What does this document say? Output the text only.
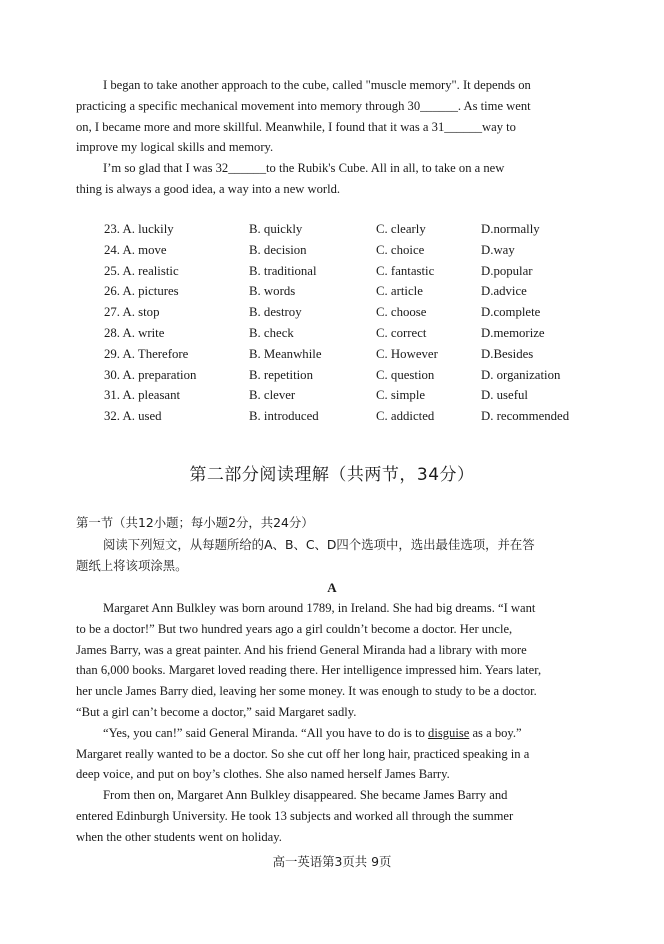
I began to take another approach to the cube, called "muscle memory". It depends on
practicing a specific mechanical movement into memory through 30______. As time went
on, I became more and more skillful. Meanwhile, I found that it was a 31______way to
improve my logical skills and memory.
I’m so glad that I was 32______to the Rubik's Cube. All in all, to take on a new
thing is always a good idea, a way into a new world.
23. A. luckily	B. quickly	C. clearly	D.normally
24. A. move	B. decision	C. choice	D.way
25. A. realistic	B. traditional	C. fantastic	D.popular
26. A. pictures	B. words	C. article	D.advice
27. A. stop	B. destroy	C. choose	D.complete
28. A. write	B. check	C. correct	D.memorize
29. A. Therefore	B. Meanwhile	C. However	D.Besides
30. A. preparation	B. repetition	C. question	D. organization
31. A. pleasant	B. clever	C. simple	D. useful
32. A. used	B. introduced	C. addicted	D. recommended
第二部分阅读理解（共两节，34分）
第一节（共12小题；每小题2分，共24分）
阅读下列短文，从每题所给的A、B、C、D四个选项中，选出最佳选项，并在答
题纸上将该项涂黑。
A
Margaret Ann Bulkley was born around 1789, in Ireland. She had big dreams. “I want
to be a doctor!” But two hundred years ago a girl couldn’t become a doctor. Her uncle,
James Barry, was a great painter. And his friend General Miranda had a library with more
than 6,000 books. Margaret loved reading there. Her intelligence impressed him. Years later,
her uncle James Barry died, leaving her some money. It was enough to study to be a doctor.
“But a girl can’t become a doctor,” said Margaret sadly.
“Yes, you can!” said General Miranda. “All you have to do is to disguise as a boy.”
Margaret really wanted to be a doctor. So she cut off her long hair, practiced speaking in a
deep voice, and put on boy’s clothes. She also named herself James Barry.
From then on, Margaret Ann Bulkley disappeared. She became James Barry and
entered Edinburgh University. He took 13 subjects and worked all through the summer
when the other students went on holiday.
高一英语第3页共 9页
